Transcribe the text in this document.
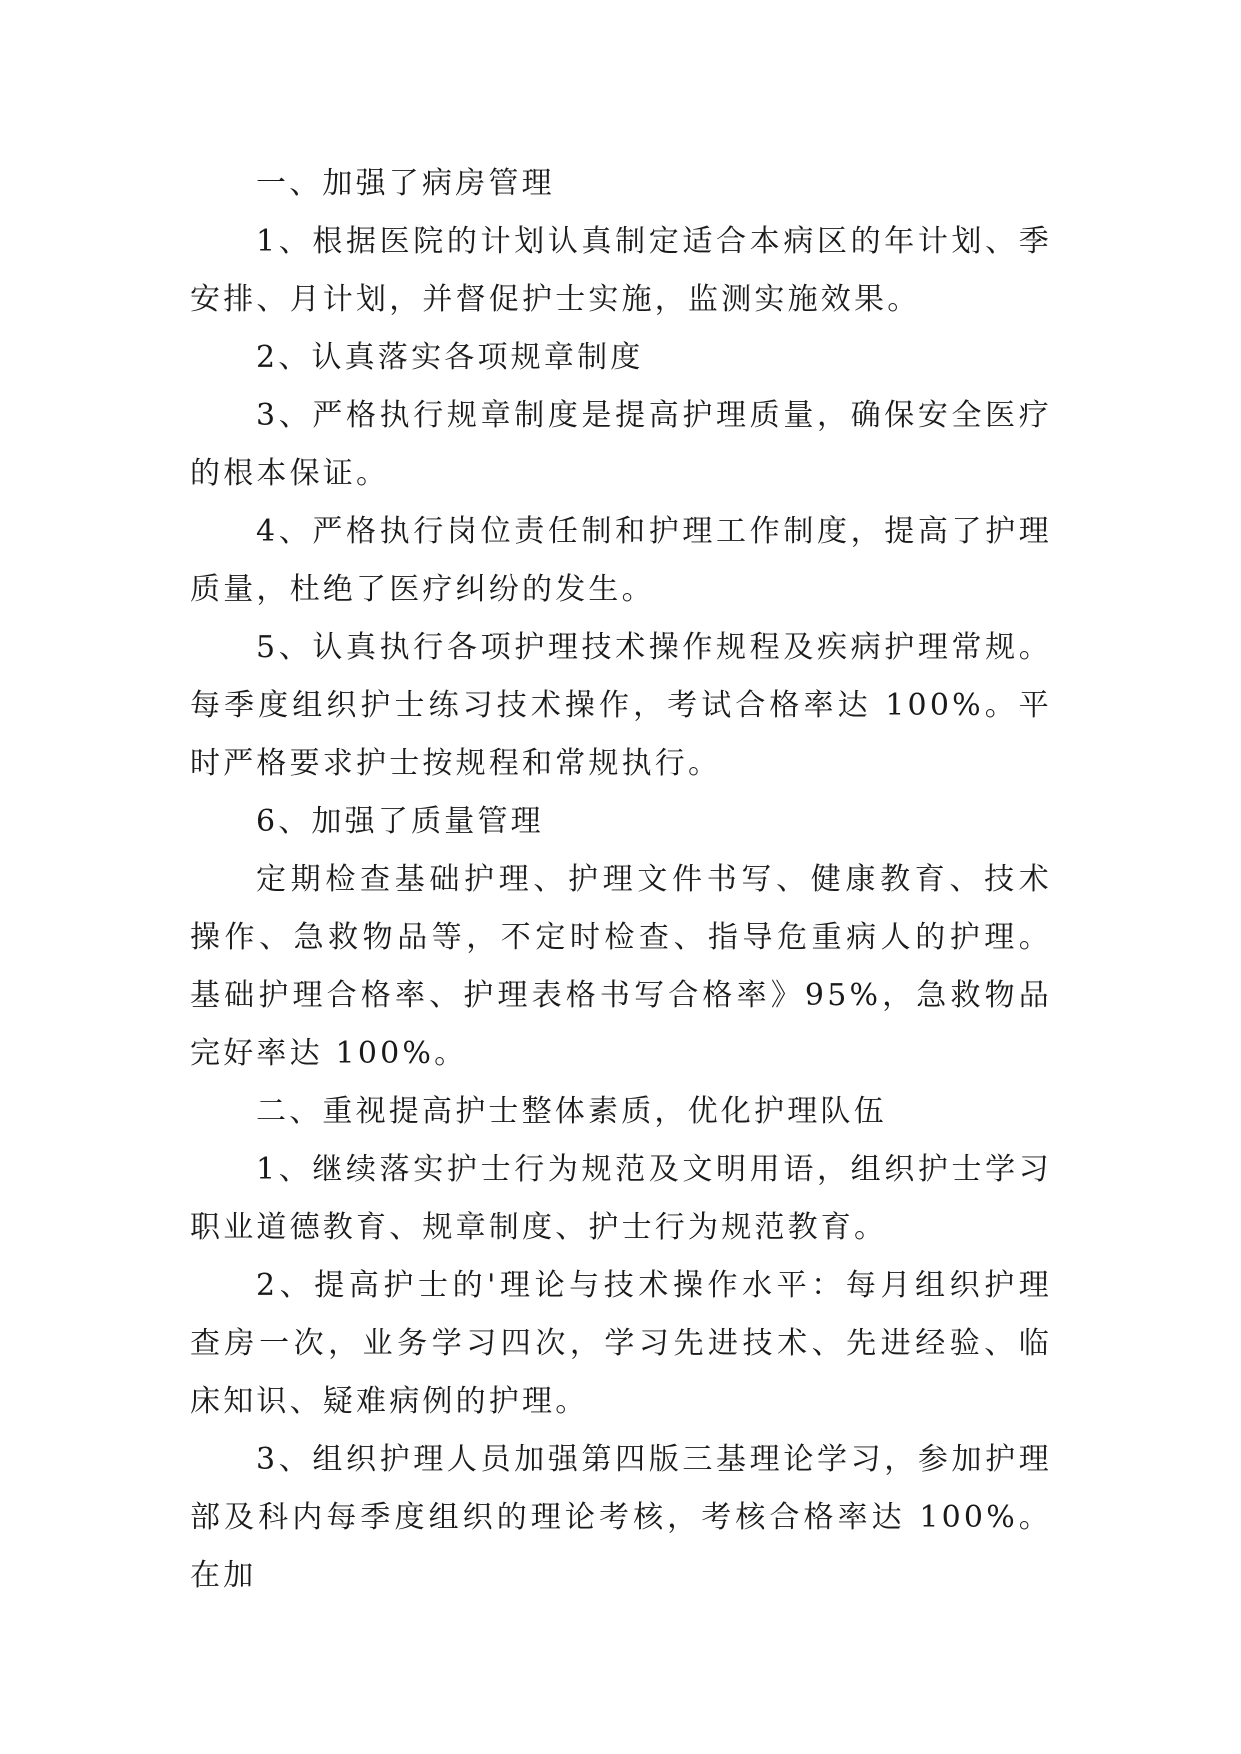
一、加强了病房管理

1、根据医院的计划认真制定适合本病区的年计划、季安排、月计划，并督促护士实施，监测实施效果。

2、认真落实各项规章制度

3、严格执行规章制度是提高护理质量，确保安全医疗的根本保证。

4、严格执行岗位责任制和护理工作制度，提高了护理质量，杜绝了医疗纠纷的发生。

5、认真执行各项护理技术操作规程及疾病护理常规。每季度组织护士练习技术操作，考试合格率达 100%。平时严格要求护士按规程和常规执行。

6、加强了质量管理

定期检查基础护理、护理文件书写、健康教育、技术操作、急救物品等，不定时检查、指导危重病人的护理。基础护理合格率、护理表格书写合格率》95%，急救物品完好率达 100%。

二、重视提高护士整体素质，优化护理队伍

1、继续落实护士行为规范及文明用语，组织护士学习职业道德教育、规章制度、护士行为规范教育。

2、提高护士的'理论与技术操作水平：每月组织护理查房一次，业务学习四次，学习先进技术、先进经验、临床知识、疑难病例的护理。

3、组织护理人员加强第四版三基理论学习，参加护理部及科内每季度组织的理论考核，考核合格率达 100%。在加
